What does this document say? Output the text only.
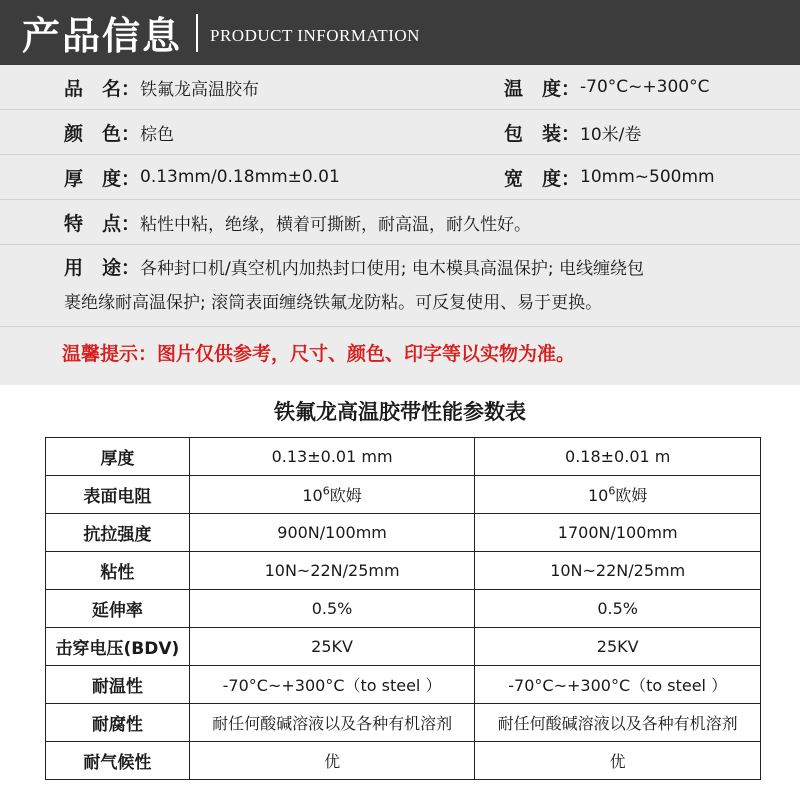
产品信息 PRODUCT INFORMATION
品　名： 铁氟龙高温胶布	温　度： -70°C~+300°C
颜　色： 棕色	包　装： 10米/卷
厚　度： 0.13mm/0.18mm±0.01	宽　度： 10mm~500mm
特　点： 粘性中粘，绝缘，横着可撕断，耐高温，耐久性好。
用　途：各种封口机/真空机内加热封口使用; 电木模具高温保护; 电线缠绕包
裹绝缘耐高温保护; 滚筒表面缠绕铁氟龙防粘。可反复使用、易于更换。
温馨提示：图片仅供参考，尺寸、颜色、印字等以实物为准。
铁氟龙高温胶带性能参数表
厚度	0.13±0.01 mm	0.18±0.01 m
表面电阻	$10^6$欧姆	$10^6$欧姆
抗拉强度	900N/100mm	1700N/100mm
粘性	10N~22N/25mm	10N~22N/25mm
延伸率	0.5%	0.5%
击穿电压(BDV)	25KV	25KV
耐温性	-70°C~+300°C（to steel ）	-70°C~+300°C（to steel ）
耐腐性	耐任何酸碱溶液以及各种有机溶剂	耐任何酸碱溶液以及各种有机溶剂
耐气候性	优	优
